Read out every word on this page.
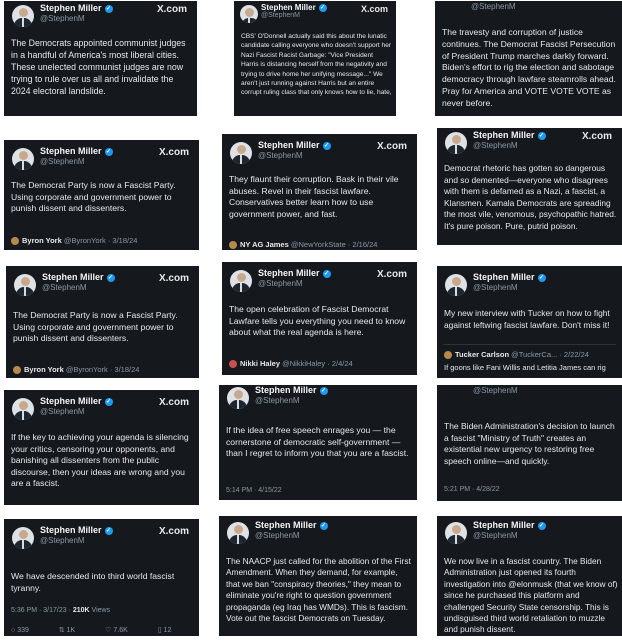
Stephen Miller ✓
@StephenM
X.com
The Democrats appointed communist judges in a handful of America's most liberal cities. These unelected communist judges are now trying to rule over us all and invalidate the 2024 electoral landslide.
Stephen Miller ✓
@StephenM
X.com
CBS' O'Donnell actually said this about the lunatic candidate calling everyone who doesn't support her Nazi Fascist Racist Garbage: "Vice President Harris is distancing herself from the negativity and trying to drive home her unifying message..." We aren't just running against Harris but an entire corrupt ruling class that only knows how to lie, hate,
@StephenM
The travesty and corruption of justice continues. The Democrat Fascist Persecution of President Trump marches darkly forward. Biden's effort to rig the election and sabotage democracy through lawfare steamrolls ahead. Pray for America and VOTE VOTE VOTE as never before.
Stephen Miller ✓
@StephenM
X.com
The Democrat Party is now a Fascist Party. Using corporate and government power to punish dissent and dissenters.
Byron York @ByronYork · 3/18/24
Stephen Miller ✓
@StephenM
X.com
They flaunt their corruption. Bask in their vile abuses. Revel in their fascist lawfare. Conservatives better learn how to use government power, and fast.
NY AG James @NewYorkState · 2/16/24
Stephen Miller ✓
@StephenM
X.com
Democrat rhetoric has gotten so dangerous and so demented—everyone who disagrees with them is defamed as a Nazi, a fascist, a Klansmen. Kamala Democrats are spreading the most vile, venomous, psychopathic hatred. It's pure poison. Pure, putrid poison.
Stephen Miller ✓
@StephenM
X.com
The Democrat Party is now a Fascist Party. Using corporate and government power to punish dissent and dissenters.
Byron York @ByronYork · 3/18/24
Stephen Miller ✓
@StephenM
X.com
The open celebration of Fascist Democrat Lawfare tells you everything you need to know about what the real agenda is here.
Nikki Haley @NikkiHaley · 2/4/24
Stephen Miller ✓
@StephenM
My new interview with Tucker on how to fight against leftwing fascist lawfare. Don't miss it!
Tucker Carlson @TuckerCa... · 2/22/24
If goons like Fani Willis and Letitia James can rig
Stephen Miller ✓
@StephenM
X.com
If the key to achieving your agenda is silencing your critics, censoring your opponents, and banishing all dissenters from the public discourse, then your ideas are wrong and you are a fascist.
Stephen Miller ✓
@StephenM
If the idea of free speech enrages you — the cornerstone of democratic self-government — than I regret to inform you that you are a fascist.
5:14 PM · 4/15/22
@StephenM
The Biden Administration's decision to launch a fascist "Ministry of Truth" creates an existential new urgency to restoring free speech online—and quickly.
5:21 PM · 4/28/22
Stephen Miller ✓
@StephenM
X.com
We have descended into third world fascist tyranny.
5:36 PM · 3/17/23 · 210K Views
○ 339	⇅ 1K	♡ 7.6K	▯ 12
Stephen Miller ✓
@StephenM
The NAACP just called for the abolition of the First Amendment. When they demand, for example, that we ban "conspiracy theories," they mean to eliminate you're right to question government propaganda (eg Iraq has WMDs). This is fascism. Vote out the fascist Democrats on Tuesday.
Stephen Miller ✓
@StephenM
We now live in a fascist country. The Biden Administration just opened its fourth investigation into @elonmusk (that we know of) since he purchased this platform and challenged Security State censorship. This is undisguised third world retaliation to muzzle and punish dissent.
